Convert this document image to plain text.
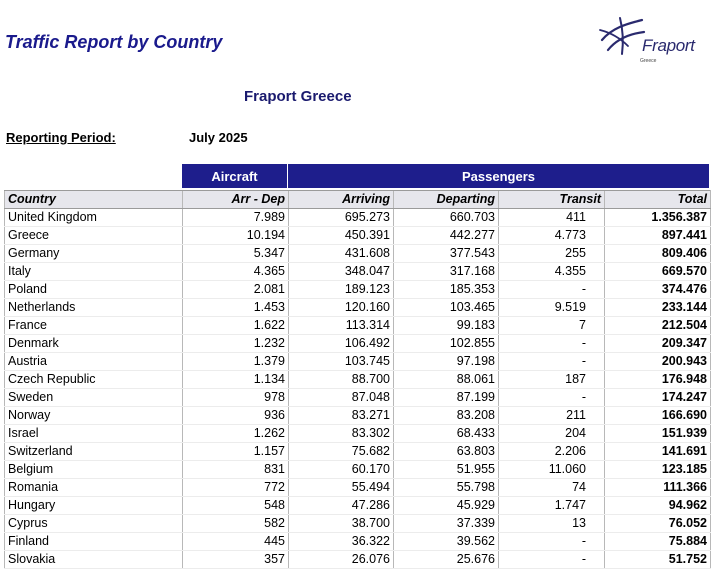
Traffic Report by Country	Fraport
Greece
Fraport Greece
Reporting Period:	July 2025
Aircraft	Passengers
Country	Arr - Dep	Arriving	Departing	Transit	Total
United Kingdom	7.989	695.273	660.703	411	1.356.387
Greece	10.194	450.391	442.277	4.773	897.441
Germany	5.347	431.608	377.543	255	809.406
Italy	4.365	348.047	317.168	4.355	669.570
Poland	2.081	189.123	185.353	-	374.476
Netherlands	1.453	120.160	103.465	9.519	233.144
France	1.622	113.314	99.183	7	212.504
Denmark	1.232	106.492	102.855	-	209.347
Austria	1.379	103.745	97.198	-	200.943
Czech Republic	1.134	88.700	88.061	187	176.948
Sweden	978	87.048	87.199	-	174.247
Norway	936	83.271	83.208	211	166.690
Israel	1.262	83.302	68.433	204	151.939
Switzerland	1.157	75.682	63.803	2.206	141.691
Belgium	831	60.170	51.955	11.060	123.185
Romania	772	55.494	55.798	74	111.366
Hungary	548	47.286	45.929	1.747	94.962
Cyprus	582	38.700	37.339	13	76.052
Finland	445	36.322	39.562	-	75.884
Slovakia	357	26.076	25.676	-	51.752
